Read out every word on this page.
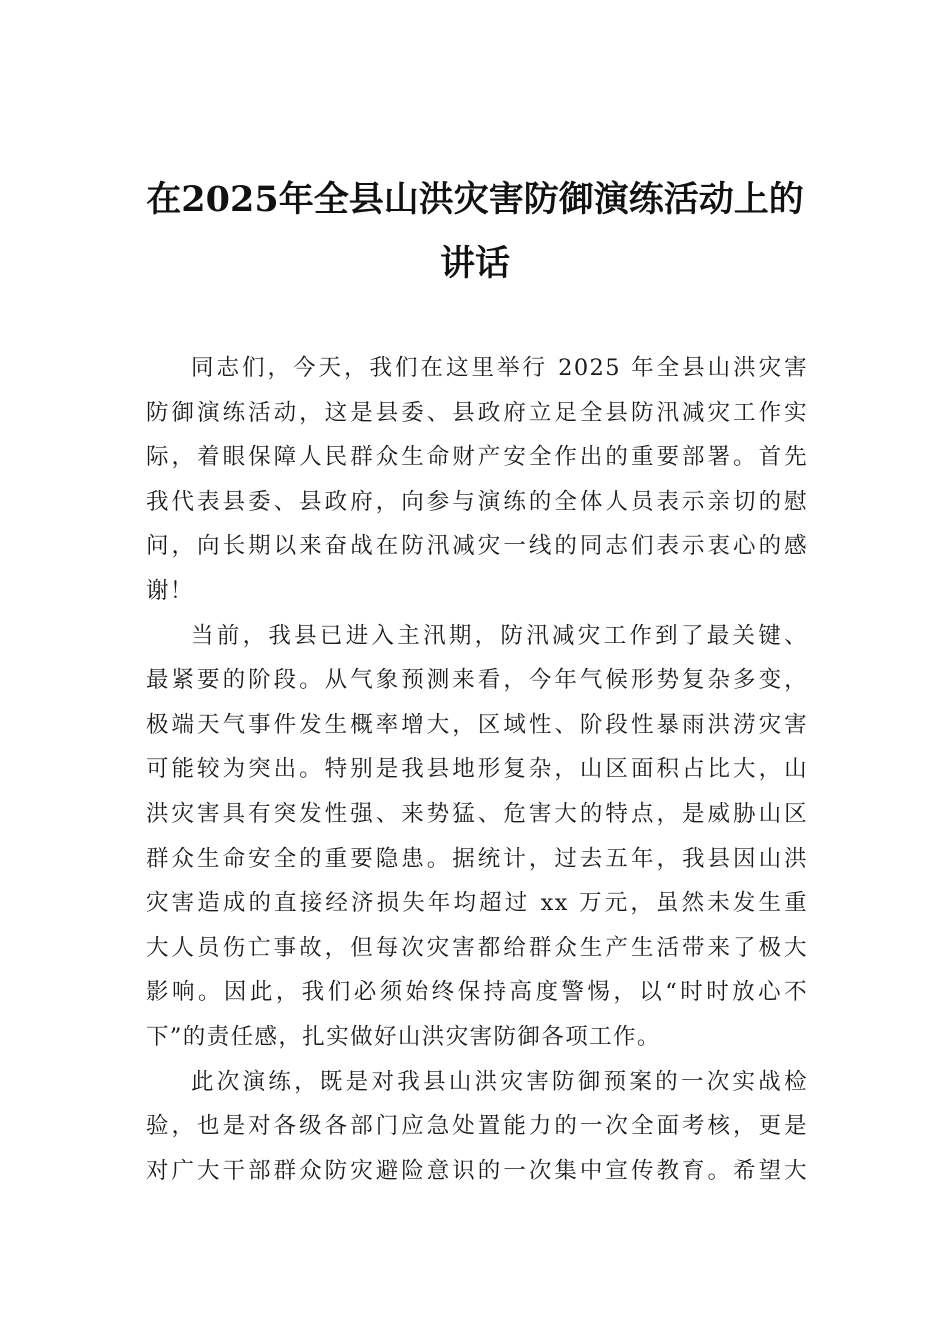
在2025年全县山洪灾害防御演练活动上的
讲话
同志们，今天，我们在这里举行 2025 年全县山洪灾害
防御演练活动，这是县委、县政府立足全县防汛减灾工作实
际，着眼保障人民群众生命财产安全作出的重要部署。首先
我代表县委、县政府，向参与演练的全体人员表示亲切的慰
问，向长期以来奋战在防汛减灾一线的同志们表示衷心的感
谢！
当前，我县已进入主汛期，防汛减灾工作到了最关键、
最紧要的阶段。从气象预测来看，今年气候形势复杂多变，
极端天气事件发生概率增大，区域性、阶段性暴雨洪涝灾害
可能较为突出。特别是我县地形复杂，山区面积占比大，山
洪灾害具有突发性强、来势猛、危害大的特点，是威胁山区
群众生命安全的重要隐患。据统计，过去五年，我县因山洪
灾害造成的直接经济损失年均超过 xx 万元，虽然未发生重
大人员伤亡事故，但每次灾害都给群众生产生活带来了极大
影响。因此，我们必须始终保持高度警惕，以“时时放心不
下”的责任感，扎实做好山洪灾害防御各项工作。
此次演练，既是对我县山洪灾害防御预案的一次实战检
验，也是对各级各部门应急处置能力的一次全面考核，更是
对广大干部群众防灾避险意识的一次集中宣传教育。希望大
